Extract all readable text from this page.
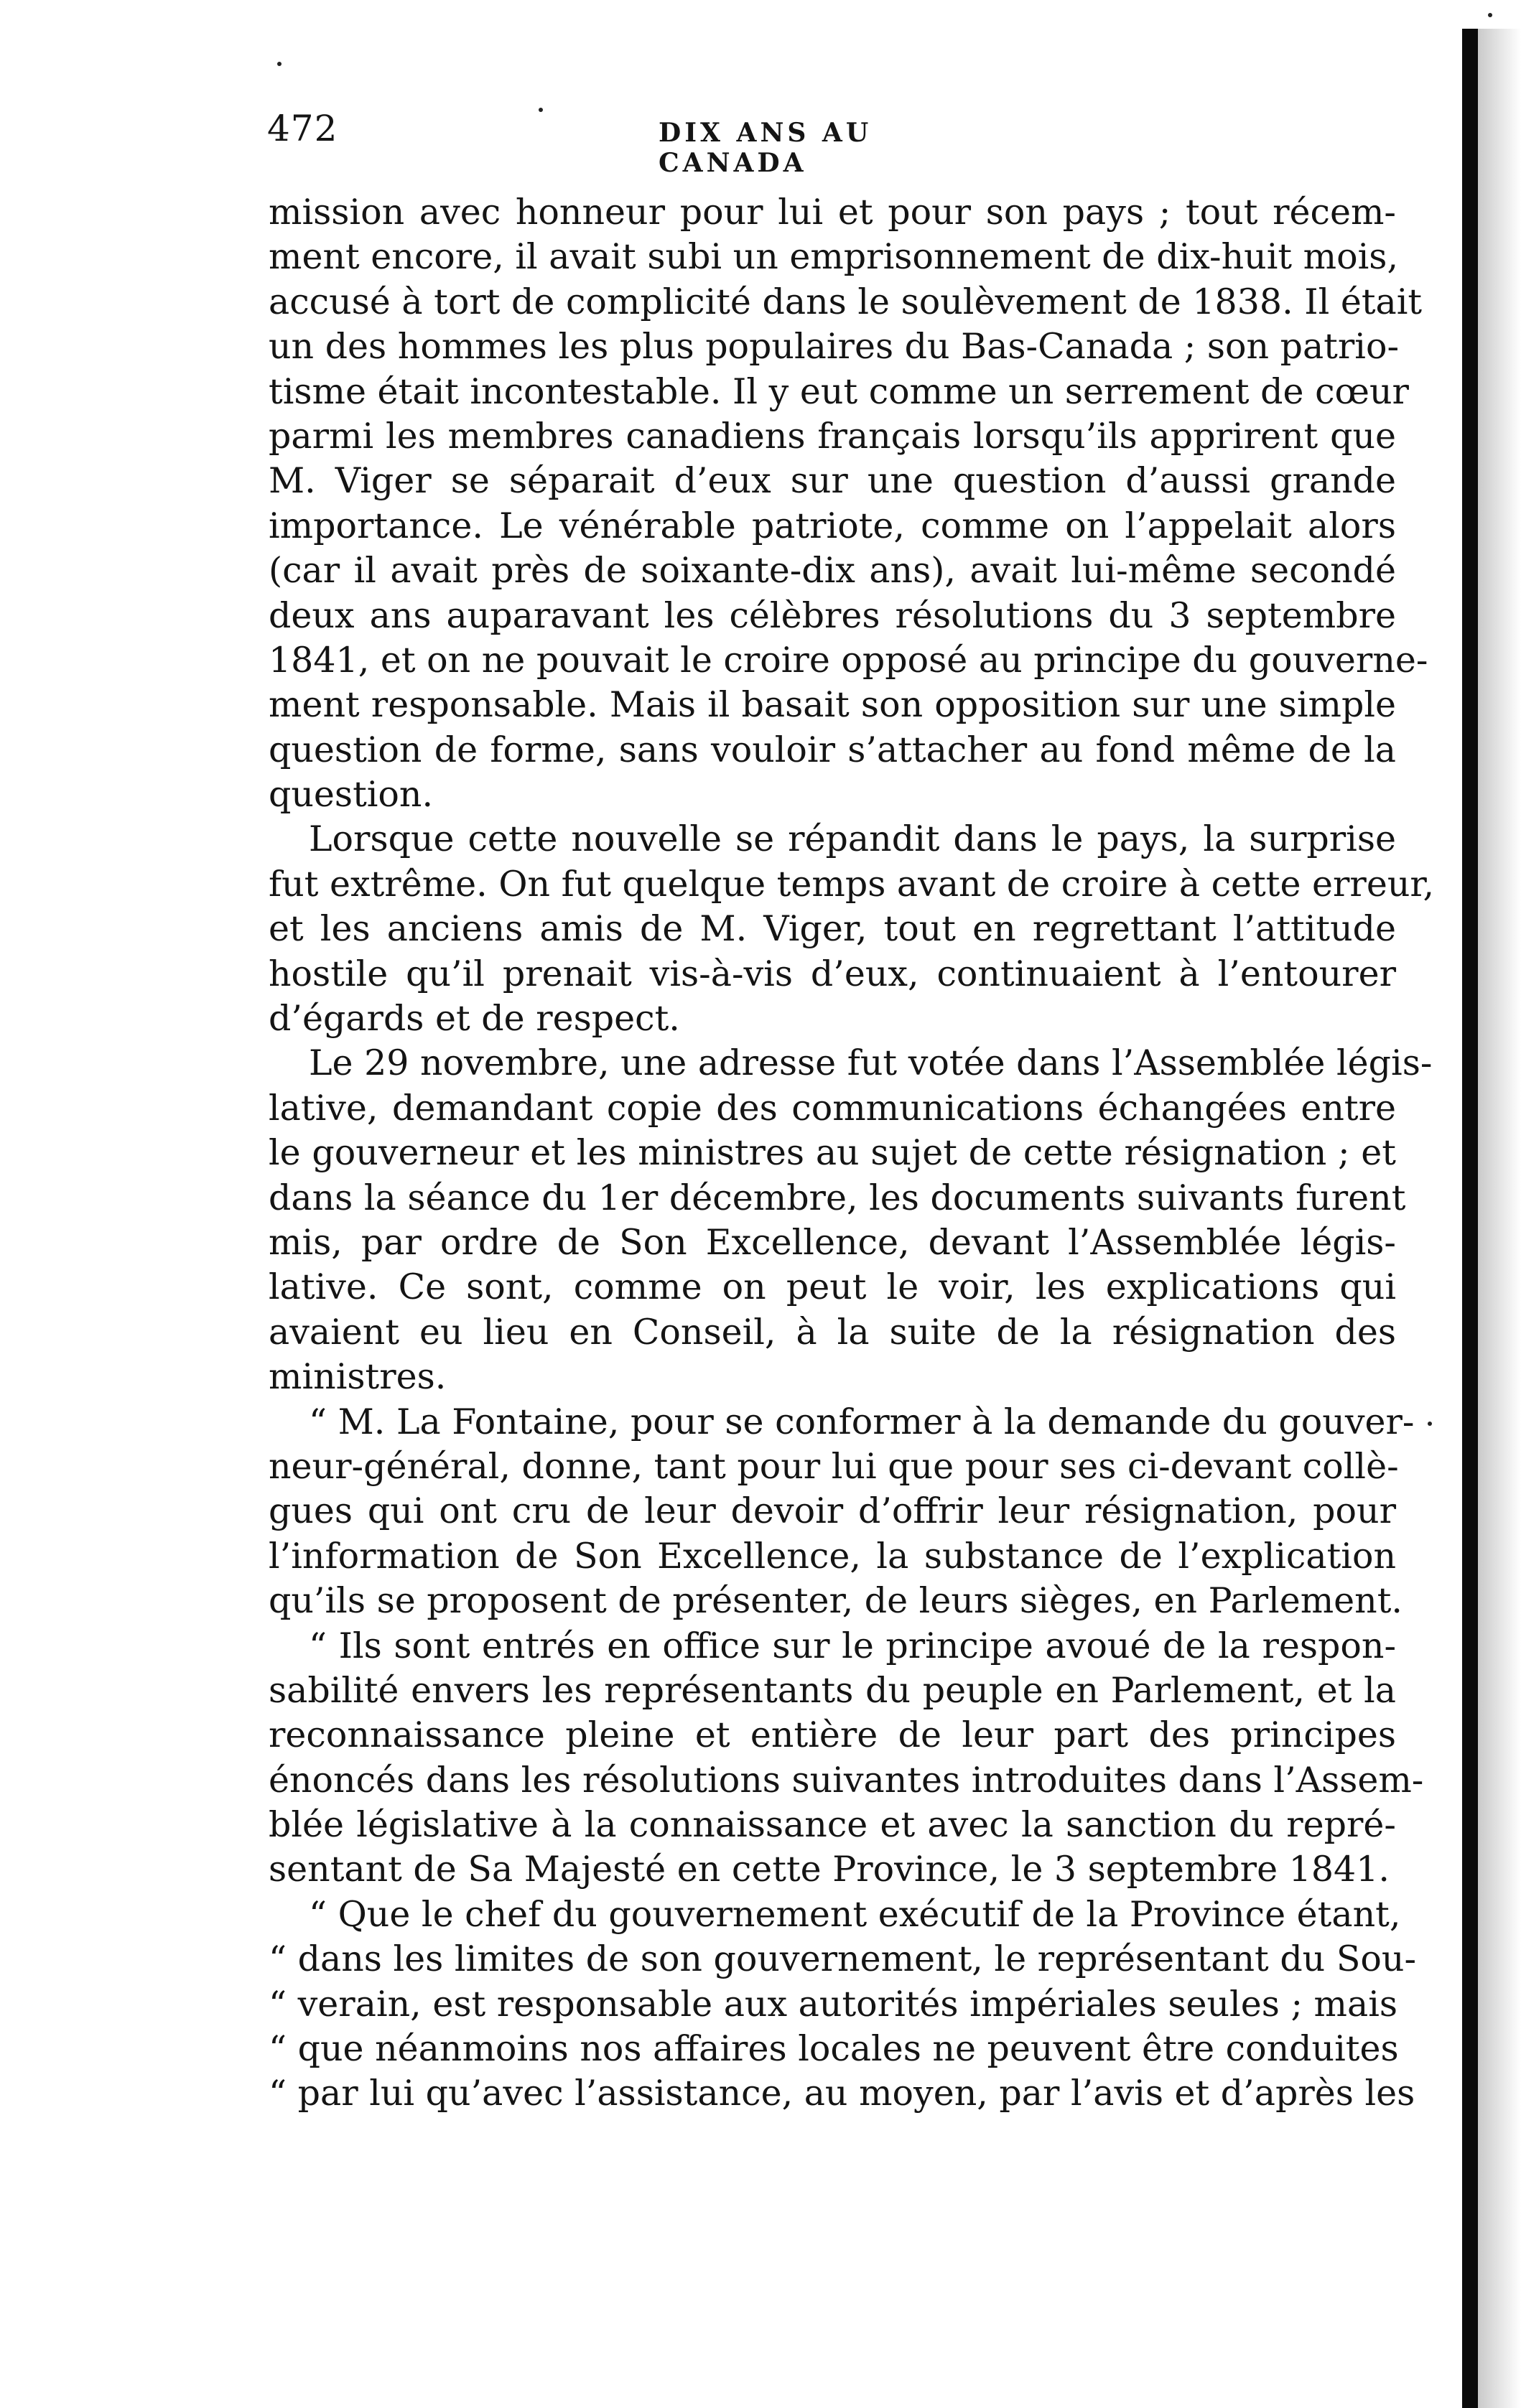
472	DIX ANS AU CANADA
mission avec honneur pour lui et pour son pays ; tout récem-
ment encore, il avait subi un emprisonnement de dix-huit mois,
accusé à tort de complicité dans le soulèvement de 1838. Il était
un des hommes les plus populaires du Bas-Canada ; son patrio-
tisme était incontestable. Il y eut comme un serrement de cœur
parmi les membres canadiens français lorsqu’ils apprirent que
M. Viger se séparait d’eux sur une question d’aussi grande
importance. Le vénérable patriote, comme on l’appelait alors
(car il avait près de soixante-dix ans), avait lui-même secondé
deux ans auparavant les célèbres résolutions du 3 septembre
1841, et on ne pouvait le croire opposé au principe du gouverne-
ment responsable. Mais il basait son opposition sur une simple
question de forme, sans vouloir s’attacher au fond même de la
question.
Lorsque cette nouvelle se répandit dans le pays, la surprise
fut extrême. On fut quelque temps avant de croire à cette erreur,
et les anciens amis de M. Viger, tout en regrettant l’attitude
hostile qu’il prenait vis-à-vis d’eux, continuaient à l’entourer
d’égards et de respect.
Le 29 novembre, une adresse fut votée dans l’Assemblée légis-
lative, demandant copie des communications échangées entre
le gouverneur et les ministres au sujet de cette résignation ; et
dans la séance du 1er décembre, les documents suivants furent
mis, par ordre de Son Excellence, devant l’Assemblée légis-
lative. Ce sont, comme on peut le voir, les explications qui
avaient eu lieu en Conseil, à la suite de la résignation des
ministres.
“ M. La Fontaine, pour se conformer à la demande du gouver-
neur-général, donne, tant pour lui que pour ses ci-devant collè-
gues qui ont cru de leur devoir d’offrir leur résignation, pour
l’information de Son Excellence, la substance de l’explication
qu’ils se proposent de présenter, de leurs sièges, en Parlement.
“ Ils sont entrés en office sur le principe avoué de la respon-
sabilité envers les représentants du peuple en Parlement, et la
reconnaissance pleine et entière de leur part des principes
énoncés dans les résolutions suivantes introduites dans l’Assem-
blée législative à la connaissance et avec la sanction du repré-
sentant de Sa Majesté en cette Province, le 3 septembre 1841.
“ Que le chef du gouvernement exécutif de la Province étant,
“ dans les limites de son gouvernement, le représentant du Sou-
“ verain, est responsable aux autorités impériales seules ; mais
“ que néanmoins nos affaires locales ne peuvent être conduites
“ par lui qu’avec l’assistance, au moyen, par l’avis et d’après les
